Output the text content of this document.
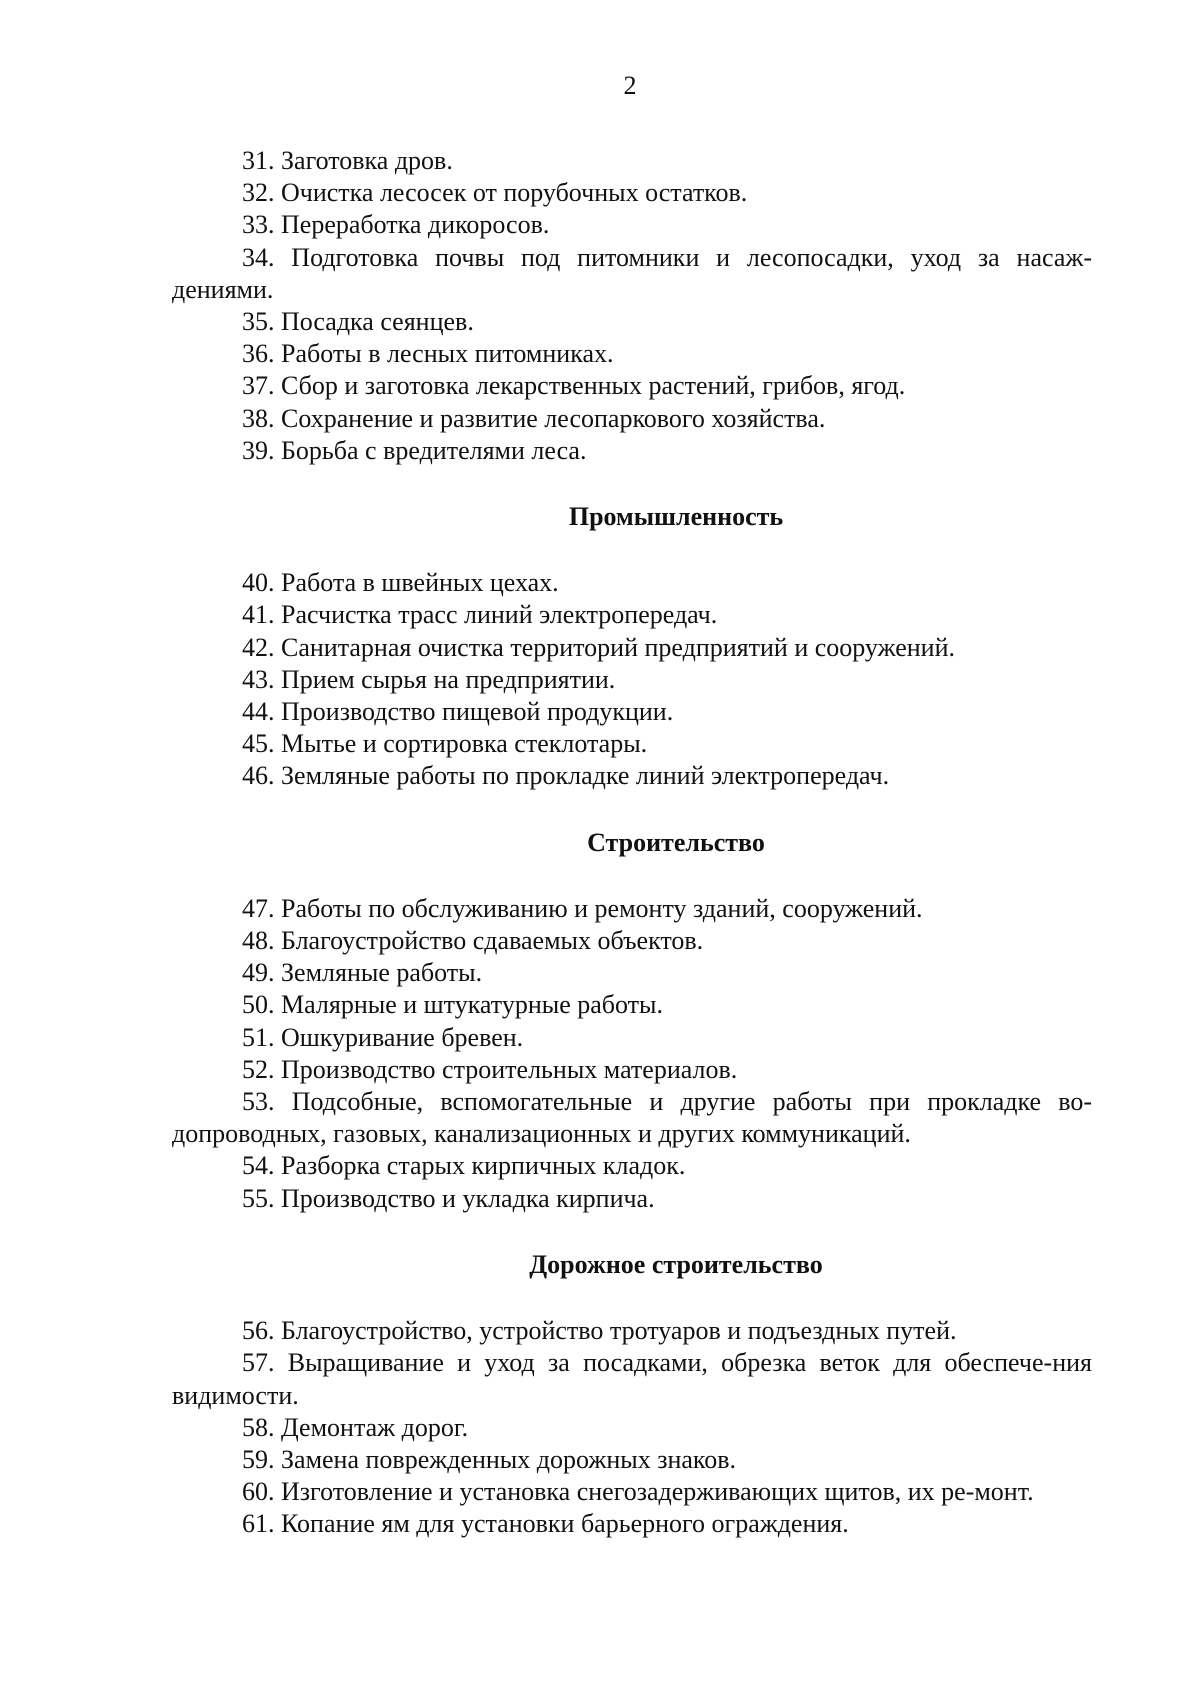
2

31. Заготовка дров.

32. Очистка лесосек от порубочных остатков.

33. Переработка дикоросов.

34. Подготовка почвы под питомники и лесопосадки, уход за насаж-дениями.

35. Посадка сеянцев.

36. Работы в лесных питомниках.

37. Сбор и заготовка лекарственных растений, грибов, ягод.

38. Сохранение и развитие лесопаркового хозяйства.

39. Борьба с вредителями леса.

Промышленность

40. Работа в швейных цехах.

41. Расчистка трасс линий электропередач.

42. Санитарная очистка территорий предприятий и сооружений.

43. Прием сырья на предприятии.

44. Производство пищевой продукции.

45. Мытье и сортировка стеклотары.

46. Земляные работы по прокладке линий электропередач.

Строительство

47. Работы по обслуживанию и ремонту зданий, сооружений.

48. Благоустройство сдаваемых объектов.

49. Земляные работы.

50. Малярные и штукатурные работы.

51. Ошкуривание бревен.

52. Производство строительных материалов.

53. Подсобные, вспомогательные и другие работы при прокладке во-допроводных, газовых, канализационных и других коммуникаций.

54. Разборка старых кирпичных кладок.

55. Производство и укладка кирпича.

Дорожное строительство

56. Благоустройство, устройство тротуаров и подъездных путей.

57. Выращивание и уход за посадками, обрезка веток для обеспече-ния видимости.

58. Демонтаж дорог.

59. Замена поврежденных дорожных знаков.

60. Изготовление и установка снегозадерживающих щитов, их ре-монт.

61. Копание ям для установки барьерного ограждения.
